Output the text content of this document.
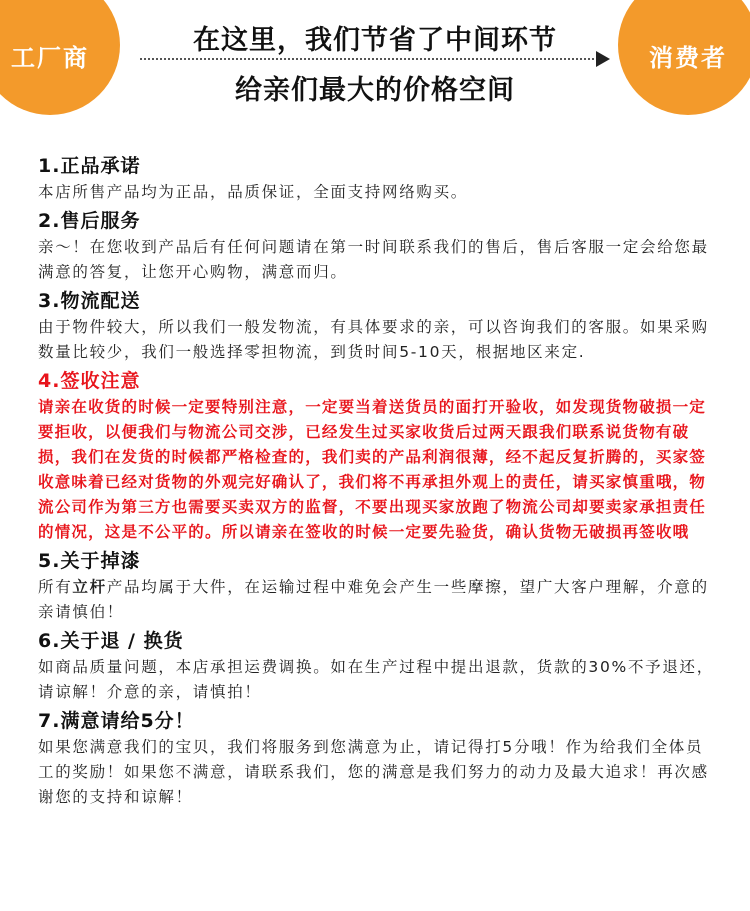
工厂商	消费者
在这里，我们节省了中间环节
给亲们最大的价格空间
1.正品承诺
本店所售产品均为正品，品质保证，全面支持网络购买。
2.售后服务
亲～！在您收到产品后有任何问题请在第一时间联系我们的售后，售后客服一定会给您最满意的答复，让您开心购物，满意而归。
3.物流配送
由于物件较大，所以我们一般发物流，有具体要求的亲，可以咨询我们的客服。如果采购数量比较少，我们一般选择零担物流，到货时间5-10天，根据地区来定.
4.签收注意
请亲在收货的时候一定要特别注意，一定要当着送货员的面打开验收，如发现货物破损一定要拒收，以便我们与物流公司交涉，已经发生过买家收货后过两天跟我们联系说货物有破损，我们在发货的时候都严格检查的，我们卖的产品利润很薄，经不起反复折腾的，买家签收意味着已经对货物的外观完好确认了，我们将不再承担外观上的责任，请买家慎重哦，物流公司作为第三方也需要买卖双方的监督，不要出现买家放跑了物流公司却要卖家承担责任的情况，这是不公平的。所以请亲在签收的时候一定要先验货，确认货物无破损再签收哦
5.关于掉漆
所有立杆产品均属于大件，在运输过程中难免会产生一些摩擦，望广大客户理解，介意的亲请慎伯！
6.关于退 / 换货
如商品质量问题，本店承担运费调换。如在生产过程中提出退款，货款的30%不予退还，请谅解！介意的亲，请慎拍！
7.满意请给5分！
如果您满意我们的宝贝，我们将服务到您满意为止，请记得打5分哦！作为给我们全体员工的奖励！如果您不满意，请联系我们，您的满意是我们努力的动力及最大追求！再次感谢您的支持和谅解！
